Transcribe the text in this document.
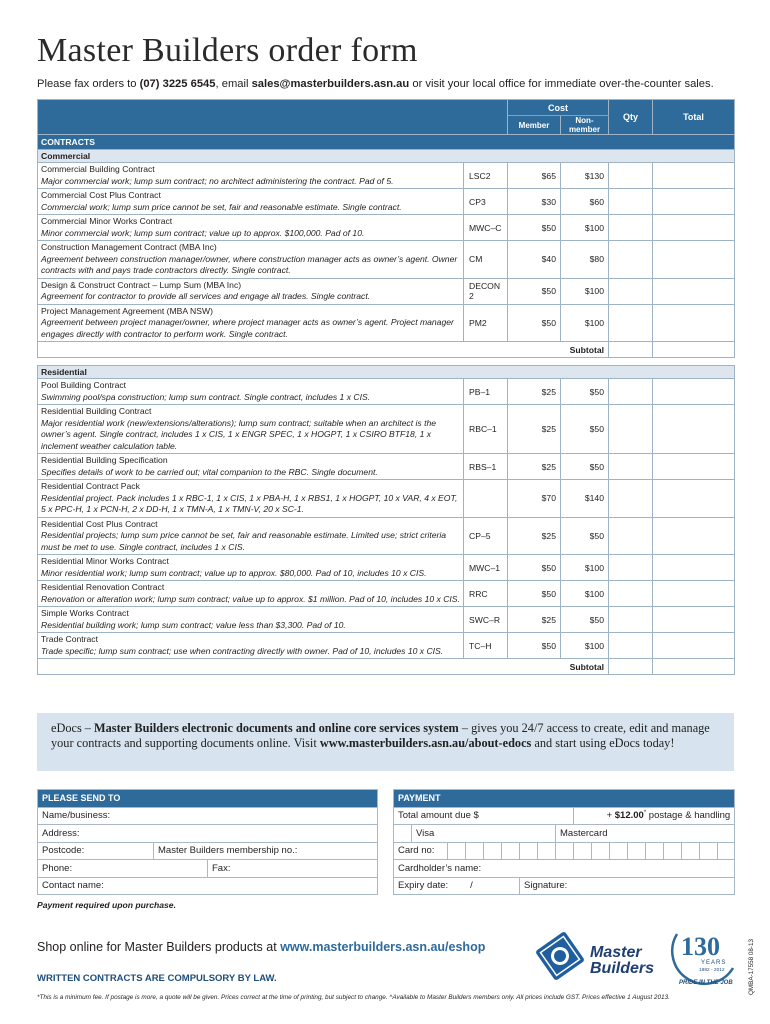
Master Builders order form
Please fax orders to (07) 3225 6545, email sales@masterbuilders.asn.au or visit your local office for immediate over-the-counter sales.
		Cost		Qty	Total
		Member	Non-member		
CONTRACTS					
Commercial					

Commercial Building Contract
Major commercial work; lump sum contract; no architect administering the contract. Pad of 5.	LSC2	$65	$130		

Commercial Cost Plus Contract
Commercial work; lump sum price cannot be set, fair and reasonable estimate. Single contract.	CP3	$30	$60		

Commercial Minor Works Contract
Minor commercial work; lump sum contract; value up to approx. $100,000. Pad of 10.	MWC–C	$50	$100		

Construction Management Contract (MBA Inc)
Agreement between construction manager/owner, where construction manager acts as owner’s agent. Owner contracts with and pays trade contractors directly. Single contract.	CM	$40	$80		

Design & Construct Contract – Lump Sum (MBA Inc)
Agreement for contractor to provide all services and engage all trades. Single contract.	DECON 2	$50	$100		

Project Management Agreement (MBA NSW)
Agreement between project manager/owner, where project manager acts as owner’s agent. Project manager engages directly with contractor to perform work. Single contract.	PM2	$50	$100		
Subtotal					

Residential					

Pool Building Contract
Swimming pool/spa construction; lump sum contract. Single contract, includes 1 x CIS.	PB–1	$25	$50		

Residential Building Contract
Major residential work (new/extensions/alterations); lump sum contract; suitable when an architect is the owner’s agent. Single contract, includes 1 x CIS, 1 x ENGR SPEC, 1 x HOGPT, 1 x CSIRO BTF18, 1 x inclement weather calculation table.	RBC–1	$25	$50		

Residential Building Specification
Specifies details of work to be carried out; vital companion to the RBC. Single document.	RBS–1	$25	$50		

Residential Contract Pack
Residential project. Pack includes 1 x RBC-1, 1 x CIS, 1 x PBA-H, 1 x RBS1, 1 x HOGPT, 10 x VAR, 4 x EOT, 5 x PPC-H, 1 x PCN-H, 2 x DD-H, 1 x TMN-A, 1 x TMN-V, 20 x SC-1.		$70	$140		

Residential Cost Plus Contract
Residential projects; lump sum price cannot be set, fair and reasonable estimate. Limited use; strict criteria must be met to use. Single contract, includes 1 x CIS.	CP–5	$25	$50		

Residential Minor Works Contract
Minor residential work; lump sum contract; value up to approx. $80,000. Pad of 10, includes 10 x CIS.	MWC–1	$50	$100		

Residential Renovation Contract
Renovation or alteration work; lump sum contract; value up to approx. $1 million. Pad of 10, includes 10 x CIS.	RRC	$50	$100		

Simple Works Contract
Residential building work; lump sum contract; value less than $3,300. Pad of 10.	SWC–R	$25	$50		

Trade Contract
Trade specific; lump sum contract; use when contracting directly with owner. Pad of 10, includes 10 x CIS.	TC–H	$50	$100		
Subtotal					
eDocs – Master Builders electronic documents and online core services system – gives you 24/7 access to create, edit and manage your contracts and supporting documents online. Visit www.masterbuilders.asn.au/about-edocs and start using eDocs today!
PLEASE SEND TO		
Name/business:		
Address:		
Postcode:	Master Builders membership no.:	
Phone:		Fax:
Contact name:		
PAYMENT																	
Total amount due $									+ $12.00* postage & handling								
	Visa							Mastercard									
Card no:																	
Cardholder’s name:																	
Expiry date: /						Signature:											
Payment required upon purchase.
Shop online for Master Builders products at www.masterbuilders.asn.au/eshop
WRITTEN CONTRACTS ARE COMPULSORY BY LAW.
*This is a minimum fee. If postage is more, a quote will be given. Prices correct at the time of printing, but subject to change. ^Available to Master Builders members only. All prices include GST. Prices effective 1 August 2013.
QMBA-17558 08-13
Master
Builders
130
YEARS
1882 - 2012
PRIDE IN THE JOB
